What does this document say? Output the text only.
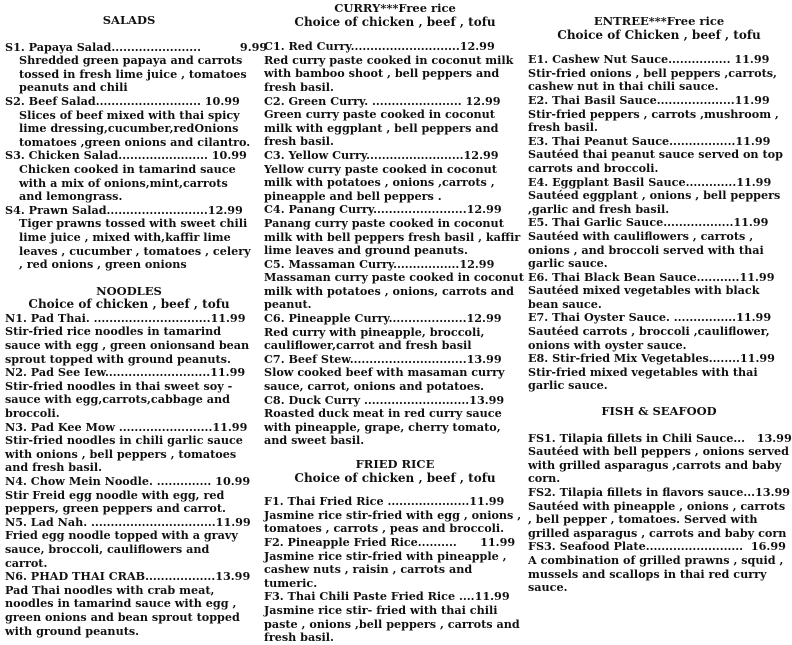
SALADS
S1. Papaya Salad.......................          9.99
Shredded green papaya and carrots tossed in fresh lime juice , tomatoes peanuts and chili
S2. Beef Salad........................... 10.99
Slices of beef mixed with thai spicy lime dressing,cucumber,redOnions tomatoes ,green onions and cilantro.
S3. Chicken Salad....................... 10.99
Chicken cooked in tamarind sauce with a mix of onions,mint,carrots and lemongrass.
S4. Prawn Salad..........................12.99
Tiger prawns tossed with sweet chili lime juice , mixed with,kaffir lime leaves , cucumber , tomatoes , celery , red onions , green onions
NOODLES
Choice of chicken , beef , tofu
N1. Pad Thai. ..............................11.99
Stir-fried rice noodles in tamarind sauce with egg , green onionsand bean sprout topped with ground peanuts.
N2. Pad See Iew...........................11.99
Stir-fried noodles in thai sweet soy - sauce with egg,carrots,cabbage and broccoli.
N3. Pad Kee Mow ........................11.99
Stir-fried noodles in chili garlic sauce with onions , bell peppers , tomatoes and fresh basil.
N4. Chow Mein Noodle. .............. 10.99
Stir Freid egg noodle with egg, red peppers, green peppers and carrot.
N5. Lad Nah. ................................11.99
Fried egg noodle topped with a gravy sauce, broccoli, cauliflowers and carrot.
N6. PHAD THAI CRAB..................13.99
Pad Thai noodles with crab meat, noodles in tamarind sauce with egg , green onions and bean sprout topped with ground peanuts.
CURRY***Free rice
Choice of chicken , beef , tofu
C1. Red Curry............................12.99
Red curry paste cooked in coconut milk with bamboo shoot , bell peppers and fresh basil.
C2. Green Curry. ....................... 12.99
Green curry paste cooked in coconut milk with eggplant , bell peppers and fresh basil.
C3. Yellow Curry.........................12.99
Yellow curry paste cooked in coconut milk with potatoes , onions ,carrots , pineapple and bell peppers .
C4. Panang Curry........................12.99
Panang curry paste cooked in coconut milk with bell peppers fresh basil , kaffir lime leaves and ground peanuts.
C5. Massaman Curry.................12.99
Massaman curry paste cooked in coconut milk with potatoes , onions, carrots and peanut.
C6. Pineapple Curry....................12.99
Red curry with pineapple, broccoli, cauliflower,carrot and fresh basil
C7. Beef Stew..............................13.99
Slow cooked beef with masaman curry sauce, carrot, onions and potatoes.
C8. Duck Curry ...........................13.99
Roasted duck meat in red curry sauce with pineapple, grape, cherry tomato, and sweet basil.
FRIED RICE
Choice of chicken , beef , tofu
F1. Thai Fried Rice .....................11.99
Jasmine rice stir-fried with egg , onions , tomatoes , carrots , peas and broccoli.
F2. Pineapple Fried Rice..........      11.99
Jasmine rice stir-fried with pineapple , cashew nuts , raisin , carrots and tumeric.
F3. Thai Chili Paste Fried Rice ....11.99
Jasmine rice stir- fried with thai chili paste , onions ,bell peppers , carrots and fresh basil.
ENTREE***Free rice
Choice of Chicken , beef , tofu
E1. Cashew Nut Sauce................ 11.99
Stir-fried onions , bell peppers ,carrots, cashew nut in thai chili sauce.
E2. Thai Basil Sauce....................11.99
Stir-fried peppers , carrots ,mushroom , fresh basil.
E3. Thai Peanut Sauce.................11.99
Sautéed thai peanut sauce served on top carrots and broccoli.
E4. Eggplant Basil Sauce.............11.99
Sautéed eggplant , onions , bell peppers ,garlic and fresh basil.
E5. Thai Garlic Sauce..................11.99
Sautéed with cauliflowers , carrots , onions , and broccoli served with thai garlic sauce.
E6. Thai Black Bean Sauce...........11.99
Sautéed mixed vegetables with black bean sauce.
E7. Thai Oyster Sauce. ................11.99
Sautéed carrots , broccoli ,cauliflower, onions with oyster sauce.
E8. Stir-fried Mix Vegetables........11.99
Stir-fried mixed vegetables with thai garlic sauce.
FISH & SEAFOOD
FS1. Tilapia fillets in Chili Sauce...   13.99
Sautéed with bell peppers , onions served with grilled asparagus ,carrots and baby corn.
FS2. Tilapia fillets in flavors sauce...13.99
Sautéed with pineapple , onions , carrots , bell pepper , tomatoes. Served with grilled asparagus , carrots and baby corn
FS3. Seafood Plate.........................  16.99
A combination of grilled prawns , squid , mussels and scallops in thai red curry sauce.
